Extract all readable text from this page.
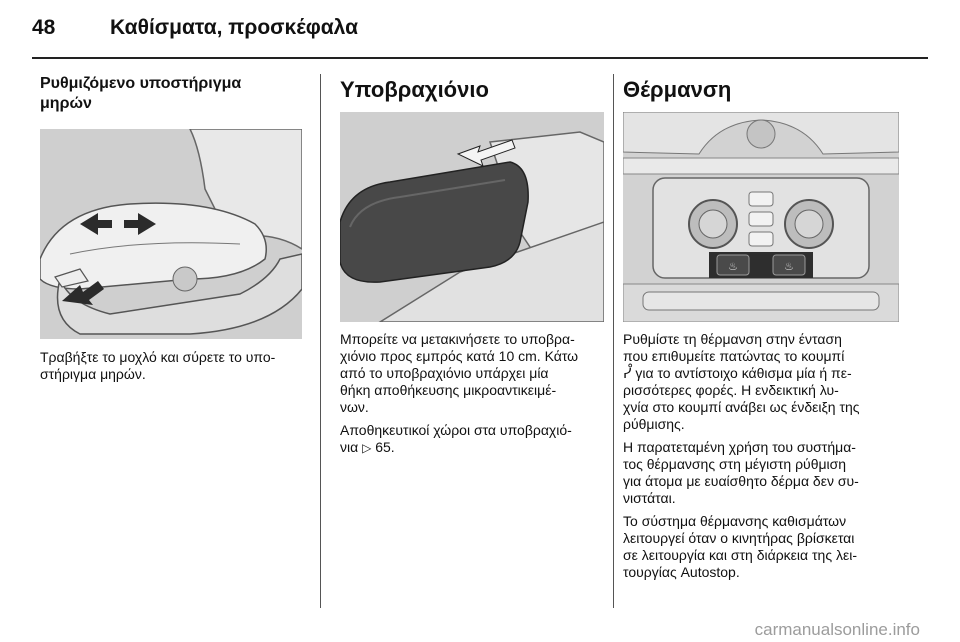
48	Καθίσματα, προσκέφαλα
Ρυθμιζόμενο υποστήριγμα
μηρών

Τραβήξτε το μοχλό και σύρετε το υπο-
στήριγμα μηρών.

Υποβραχιόνιο

Μπορείτε να μετακινήσετε το υποβρα-
χιόνιο προς εμπρός κατά 10 cm. Κάτω
από το υποβραχιόνιο υπάρχει μία
θήκη αποθήκευσης μικροαντικειμέ-
νων.

Αποθηκευτικοί χώροι στα υποβραχιό-
νια ▷ 65.

Θέρμανση
♨	♨

Ρυθμίστε τη θέρμανση στην ένταση
που επιθυμείτε πατώντας το κουμπί
ᓮ για το αντίστοιχο κάθισμα μία ή πε-
ρισσότερες φορές. Η ενδεικτική λυ-
χνία στο κουμπί ανάβει ως ένδειξη της
ρύθμισης.

Η παρατεταμένη χρήση του συστήμα-
τος θέρμανσης στη μέγιστη ρύθμιση
για άτομα με ευαίσθητο δέρμα δεν συ-
νιστάται.

Το σύστημα θέρμανσης καθισμάτων
λειτουργεί όταν ο κινητήρας βρίσκεται
σε λειτουργία και στη διάρκεια της λει-
τουργίας Autostop.

carmanualsonline.info
